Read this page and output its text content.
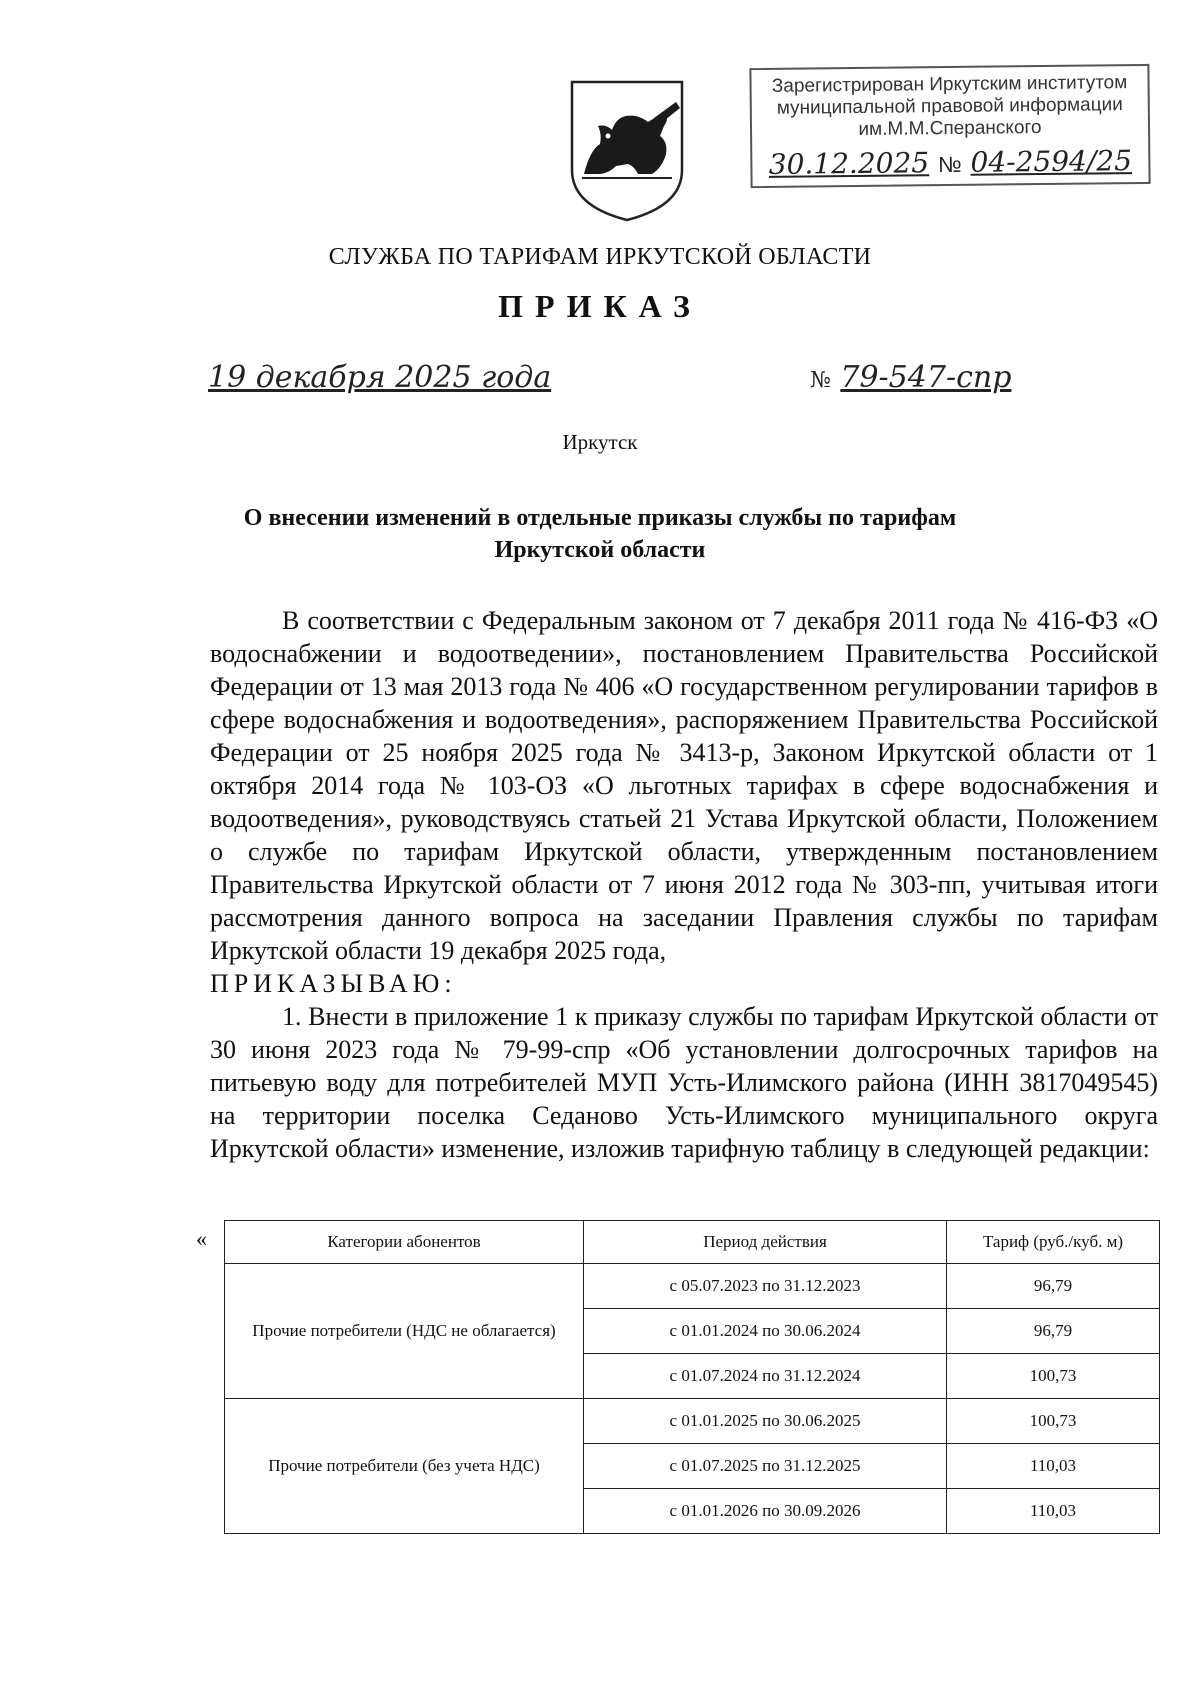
Зарегистрирован Иркутским институтом
муниципальной правовой информации
им.М.М.Сперанского
30.12.2025 № 04-2594/25
СЛУЖБА ПО ТАРИФАМ ИРКУТСКОЙ ОБЛАСТИ
ПРИКАЗ
19 декабря 2025 года	№ 79-547-спр
Иркутск
О внесении изменений в отдельные приказы службы по тарифам Иркутской области

В соответствии с Федеральным законом от 7 декабря 2011 года № 416-ФЗ «О водоснабжении и водоотведении», постановлением Правительства Российской Федерации от 13 мая 2013 года № 406 «О государственном регулировании тарифов в сфере водоснабжения и водоотведения», распоряжением Правительства Российской Федерации от 25 ноября 2025 года № 3413-р, Законом Иркутской области от 1 октября 2014 года № 103-ОЗ «О льготных тарифах в сфере водоснабжения и водоотведения», руководствуясь статьей 21 Устава Иркутской области, Положением о службе по тарифам Иркутской области, утвержденным постановлением Правительства Иркутской области от 7 июня 2012 года № 303-пп, учитывая итоги рассмотрения данного вопроса на заседании Правления службы по тарифам Иркутской области 19 декабря 2025 года,

ПРИКАЗЫВАЮ:

1. Внести в приложение 1 к приказу службы по тарифам Иркутской области от 30 июня 2023 года № 79-99-спр «Об установлении долгосрочных тарифов на питьевую воду для потребителей МУП Усть-Илимского района (ИНН 3817049545) на территории поселка Седаново Усть-Илимского муниципального округа Иркутской области» изменение, изложив тарифную таблицу в следующей редакции:

«	Категории абонентов	Период действия	Тариф (руб./куб. м)
Прочие потребители (НДС не облагается)	с 05.07.2023 по 31.12.2023	96,79
	с 01.01.2024 по 30.06.2024	96,79
	с 01.07.2024 по 31.12.2024	100,73
Прочие потребители (без учета НДС)	с 01.01.2025 по 30.06.2025	100,73
	с 01.07.2025 по 31.12.2025	110,03
	с 01.01.2026 по 30.09.2026	110,03
